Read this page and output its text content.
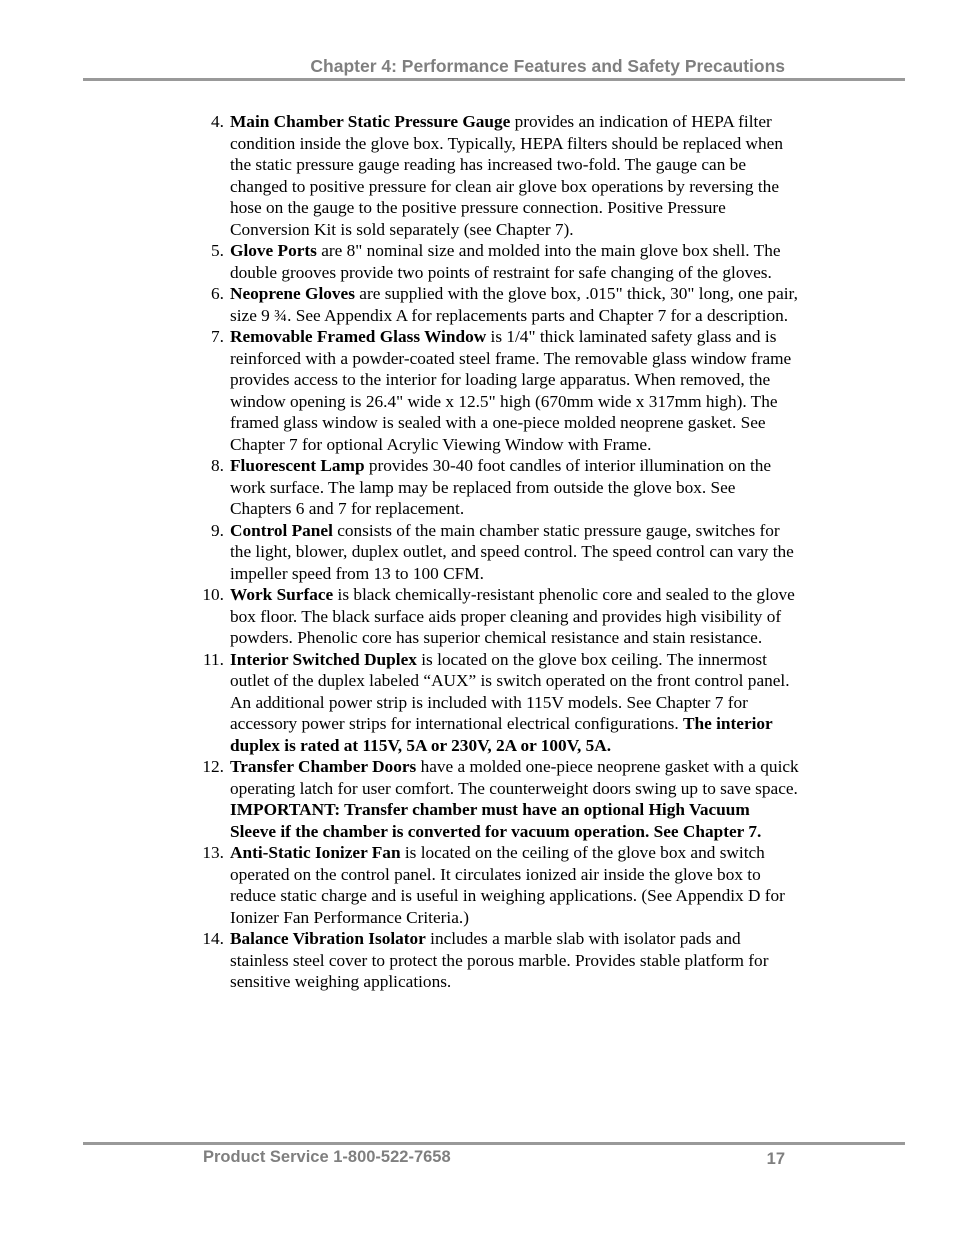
Chapter 4: Performance Features and Safety Precautions
4. Main Chamber Static Pressure Gauge provides an indication of HEPA filter condition inside the glove box. Typically, HEPA filters should be replaced when the static pressure gauge reading has increased two-fold. The gauge can be changed to positive pressure for clean air glove box operations by reversing the hose on the gauge to the positive pressure connection. Positive Pressure Conversion Kit is sold separately (see Chapter 7).
5. Glove Ports are 8" nominal size and molded into the main glove box shell. The double grooves provide two points of restraint for safe changing of the gloves.
6. Neoprene Gloves are supplied with the glove box, .015" thick, 30" long, one pair, size 9 ¾. See Appendix A for replacements parts and Chapter 7 for a description.
7. Removable Framed Glass Window is 1/4" thick laminated safety glass and is reinforced with a powder-coated steel frame. The removable glass window frame provides access to the interior for loading large apparatus. When removed, the window opening is 26.4" wide x 12.5" high (670mm wide x 317mm high). The framed glass window is sealed with a one-piece molded neoprene gasket. See Chapter 7 for optional Acrylic Viewing Window with Frame.
8. Fluorescent Lamp provides 30-40 foot candles of interior illumination on the work surface. The lamp may be replaced from outside the glove box. See Chapters 6 and 7 for replacement.
9. Control Panel consists of the main chamber static pressure gauge, switches for the light, blower, duplex outlet, and speed control. The speed control can vary the impeller speed from 13 to 100 CFM.
10. Work Surface is black chemically-resistant phenolic core and sealed to the glove box floor. The black surface aids proper cleaning and provides high visibility of powders. Phenolic core has superior chemical resistance and stain resistance.
11. Interior Switched Duplex is located on the glove box ceiling. The innermost outlet of the duplex labeled “AUX” is switch operated on the front control panel. An additional power strip is included with 115V models. See Chapter 7 for accessory power strips for international electrical configurations. The interior duplex is rated at 115V, 5A or 230V, 2A or 100V, 5A.
12. Transfer Chamber Doors have a molded one-piece neoprene gasket with a quick operating latch for user comfort. The counterweight doors swing up to save space. IMPORTANT: Transfer chamber must have an optional High Vacuum Sleeve if the chamber is converted for vacuum operation. See Chapter 7.
13. Anti-Static Ionizer Fan is located on the ceiling of the glove box and switch operated on the control panel. It circulates ionized air inside the glove box to reduce static charge and is useful in weighing applications. (See Appendix D for Ionizer Fan Performance Criteria.)
14. Balance Vibration Isolator includes a marble slab with isolator pads and stainless steel cover to protect the porous marble. Provides stable platform for sensitive weighing applications.
Product Service 1-800-522-7658	17
